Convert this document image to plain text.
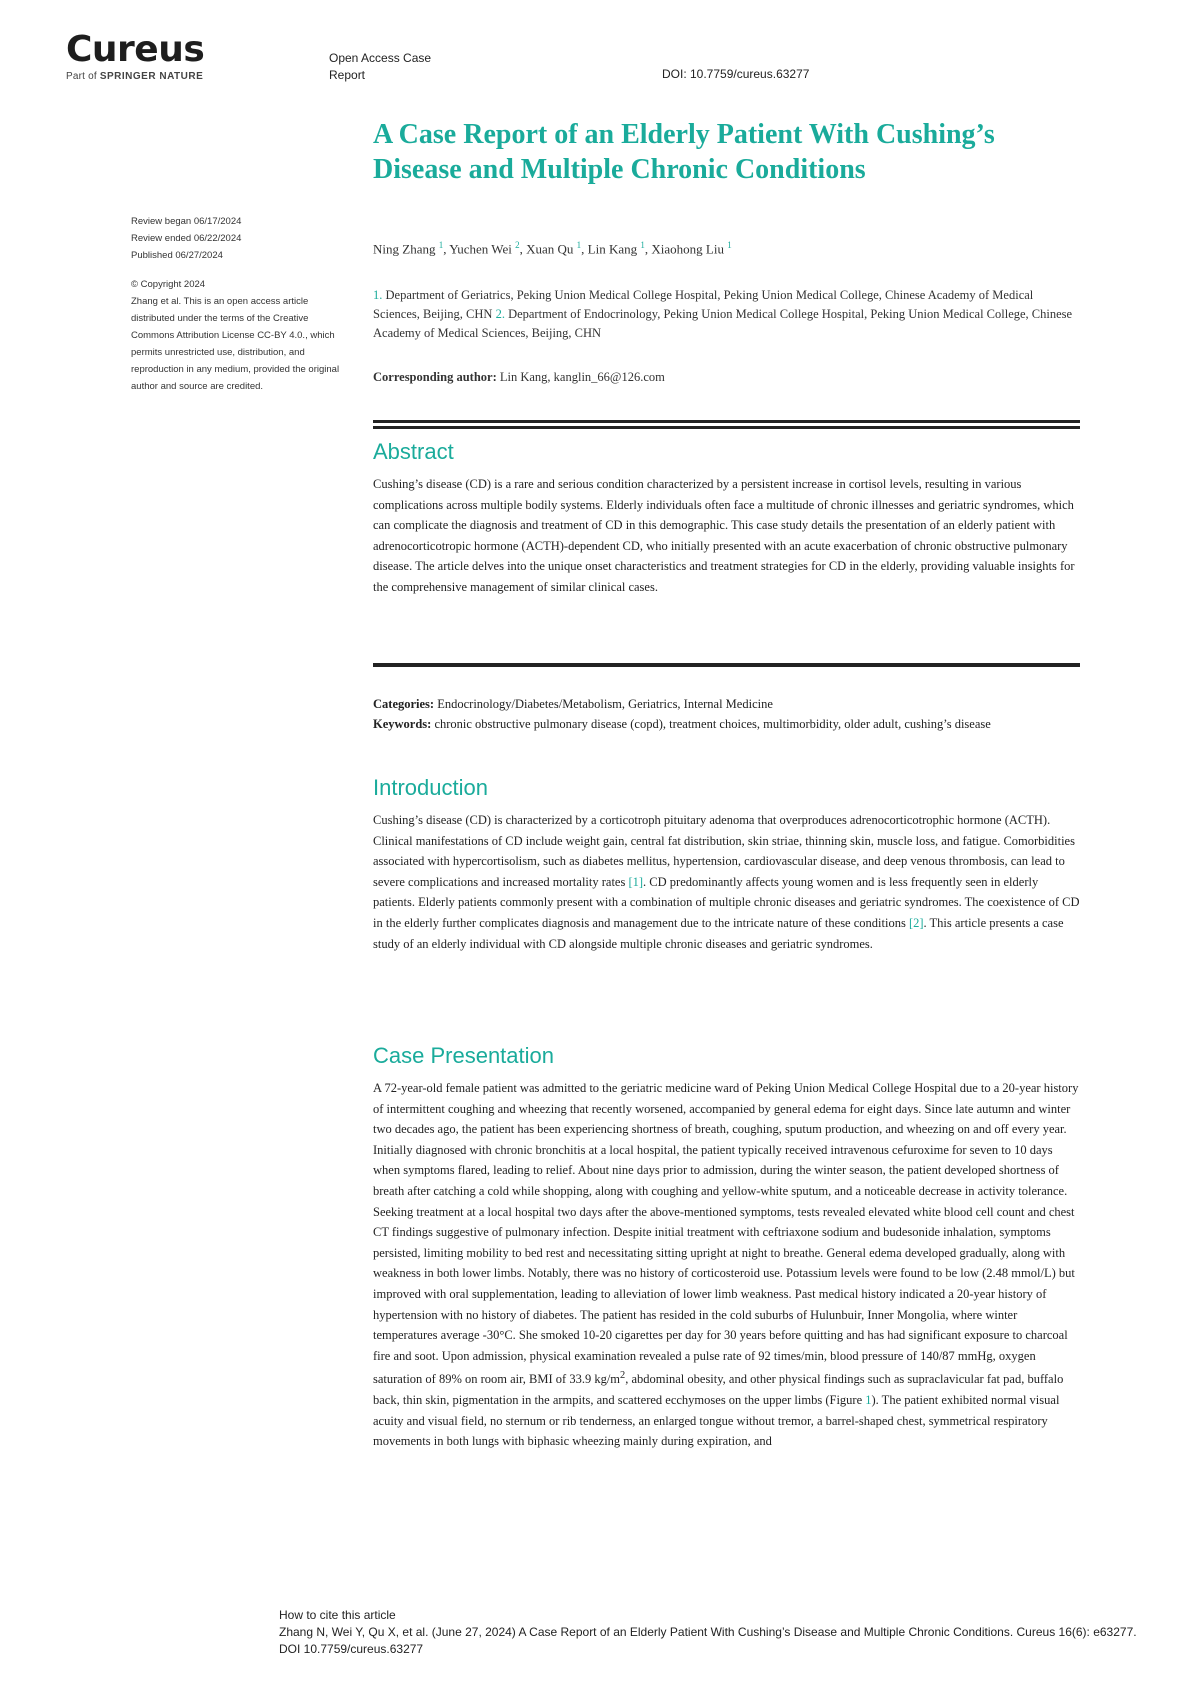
Cureus
Part of SPRINGER NATURE
Open Access Case Report	DOI: 10.7759/cureus.63277
Review began 06/17/2024
Review ended 06/22/2024
Published 06/27/2024
© Copyright 2024
Zhang et al. This is an open access article distributed under the terms of the Creative Commons Attribution License CC-BY 4.0., which permits unrestricted use, distribution, and reproduction in any medium, provided the original author and source are credited.
A Case Report of an Elderly Patient With Cushing’s Disease and Multiple Chronic Conditions
Ning Zhang $^1$, Yuchen Wei $^2$, Xuan Qu $^1$, Lin Kang $^1$, Xiaohong Liu $^1$
1. Department of Geriatrics, Peking Union Medical College Hospital, Peking Union Medical College, Chinese Academy of Medical Sciences, Beijing, CHN 2. Department of Endocrinology, Peking Union Medical College Hospital, Peking Union Medical College, Chinese Academy of Medical Sciences, Beijing, CHN
Corresponding author: Lin Kang, kanglin_66@126.com
Abstract
Cushing’s disease (CD) is a rare and serious condition characterized by a persistent increase in cortisol levels, resulting in various complications across multiple bodily systems. Elderly individuals often face a multitude of chronic illnesses and geriatric syndromes, which can complicate the diagnosis and treatment of CD in this demographic. This case study details the presentation of an elderly patient with adrenocorticotropic hormone (ACTH)-dependent CD, who initially presented with an acute exacerbation of chronic obstructive pulmonary disease. The article delves into the unique onset characteristics and treatment strategies for CD in the elderly, providing valuable insights for the comprehensive management of similar clinical cases.
Categories: Endocrinology/Diabetes/Metabolism, Geriatrics, Internal Medicine
Keywords: chronic obstructive pulmonary disease (copd), treatment choices, multimorbidity, older adult, cushing’s disease
Introduction
Cushing’s disease (CD) is characterized by a corticotroph pituitary adenoma that overproduces adrenocorticotrophic hormone (ACTH). Clinical manifestations of CD include weight gain, central fat distribution, skin striae, thinning skin, muscle loss, and fatigue. Comorbidities associated with hypercortisolism, such as diabetes mellitus, hypertension, cardiovascular disease, and deep venous thrombosis, can lead to severe complications and increased mortality rates [1]. CD predominantly affects young women and is less frequently seen in elderly patients. Elderly patients commonly present with a combination of multiple chronic diseases and geriatric syndromes. The coexistence of CD in the elderly further complicates diagnosis and management due to the intricate nature of these conditions [2]. This article presents a case study of an elderly individual with CD alongside multiple chronic diseases and geriatric syndromes.
Case Presentation
A 72-year-old female patient was admitted to the geriatric medicine ward of Peking Union Medical College Hospital due to a 20-year history of intermittent coughing and wheezing that recently worsened, accompanied by general edema for eight days. Since late autumn and winter two decades ago, the patient has been experiencing shortness of breath, coughing, sputum production, and wheezing on and off every year. Initially diagnosed with chronic bronchitis at a local hospital, the patient typically received intravenous cefuroxime for seven to 10 days when symptoms flared, leading to relief. About nine days prior to admission, during the winter season, the patient developed shortness of breath after catching a cold while shopping, along with coughing and yellow-white sputum, and a noticeable decrease in activity tolerance. Seeking treatment at a local hospital two days after the above-mentioned symptoms, tests revealed elevated white blood cell count and chest CT findings suggestive of pulmonary infection. Despite initial treatment with ceftriaxone sodium and budesonide inhalation, symptoms persisted, limiting mobility to bed rest and necessitating sitting upright at night to breathe. General edema developed gradually, along with weakness in both lower limbs. Notably, there was no history of corticosteroid use. Potassium levels were found to be low (2.48 mmol/L) but improved with oral supplementation, leading to alleviation of lower limb weakness. Past medical history indicated a 20-year history of hypertension with no history of diabetes. The patient has resided in the cold suburbs of Hulunbuir, Inner Mongolia, where winter temperatures average -30°C. She smoked 10-20 cigarettes per day for 30 years before quitting and has had significant exposure to charcoal fire and soot. Upon admission, physical examination revealed a pulse rate of 92 times/min, blood pressure of 140/87 mmHg, oxygen saturation of 89% on room air, BMI of 33.9 $kg/m^2$, abdominal obesity, and other physical findings such as supraclavicular fat pad, buffalo back, thin skin, pigmentation in the armpits, and scattered ecchymoses on the upper limbs (Figure 1). The patient exhibited normal visual acuity and visual field, no sternum or rib tenderness, an enlarged tongue without tremor, a barrel-shaped chest, symmetrical respiratory movements in both lungs with biphasic wheezing mainly during expiration, and
How to cite this article
Zhang N, Wei Y, Qu X, et al. (June 27, 2024) A Case Report of an Elderly Patient With Cushing’s Disease and Multiple Chronic Conditions. Cureus 16(6): e63277. DOI 10.7759/cureus.63277
